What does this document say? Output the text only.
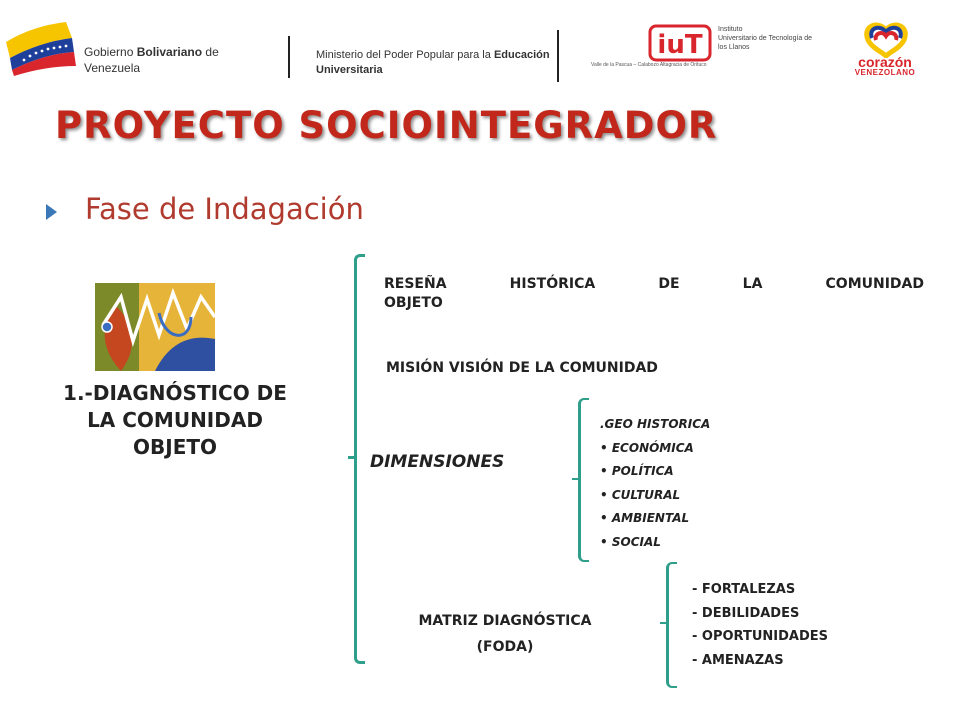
Gobierno Bolivariano de
Venezuela
Ministerio del Poder Popular para la Educación
Universitaria
iuT
Instituto
Universitario de Tecnología de
los Llanos
Valle de la Pascua – Calabozo Altagracia de Orituco	corazón
VENEZOLANO
PROYECTO SOCIOINTEGRADOR
Fase de Indagación
1.-DIAGNÓSTICO DE
LA COMUNIDAD
OBJETO
RESEÑA HISTÓRICA DE LA COMUNIDAD
OBJETO
MISIÓN VISIÓN DE LA COMUNIDAD
DIMENSIONES
.GEO HISTORICA
• ECONÓMICA
• POLÍTICA
• CULTURAL
• AMBIENTAL
• SOCIAL
MATRIZ DIAGNÓSTICA
(FODA)
- FORTALEZAS
- DEBILIDADES
- OPORTUNIDADES
- AMENAZAS
